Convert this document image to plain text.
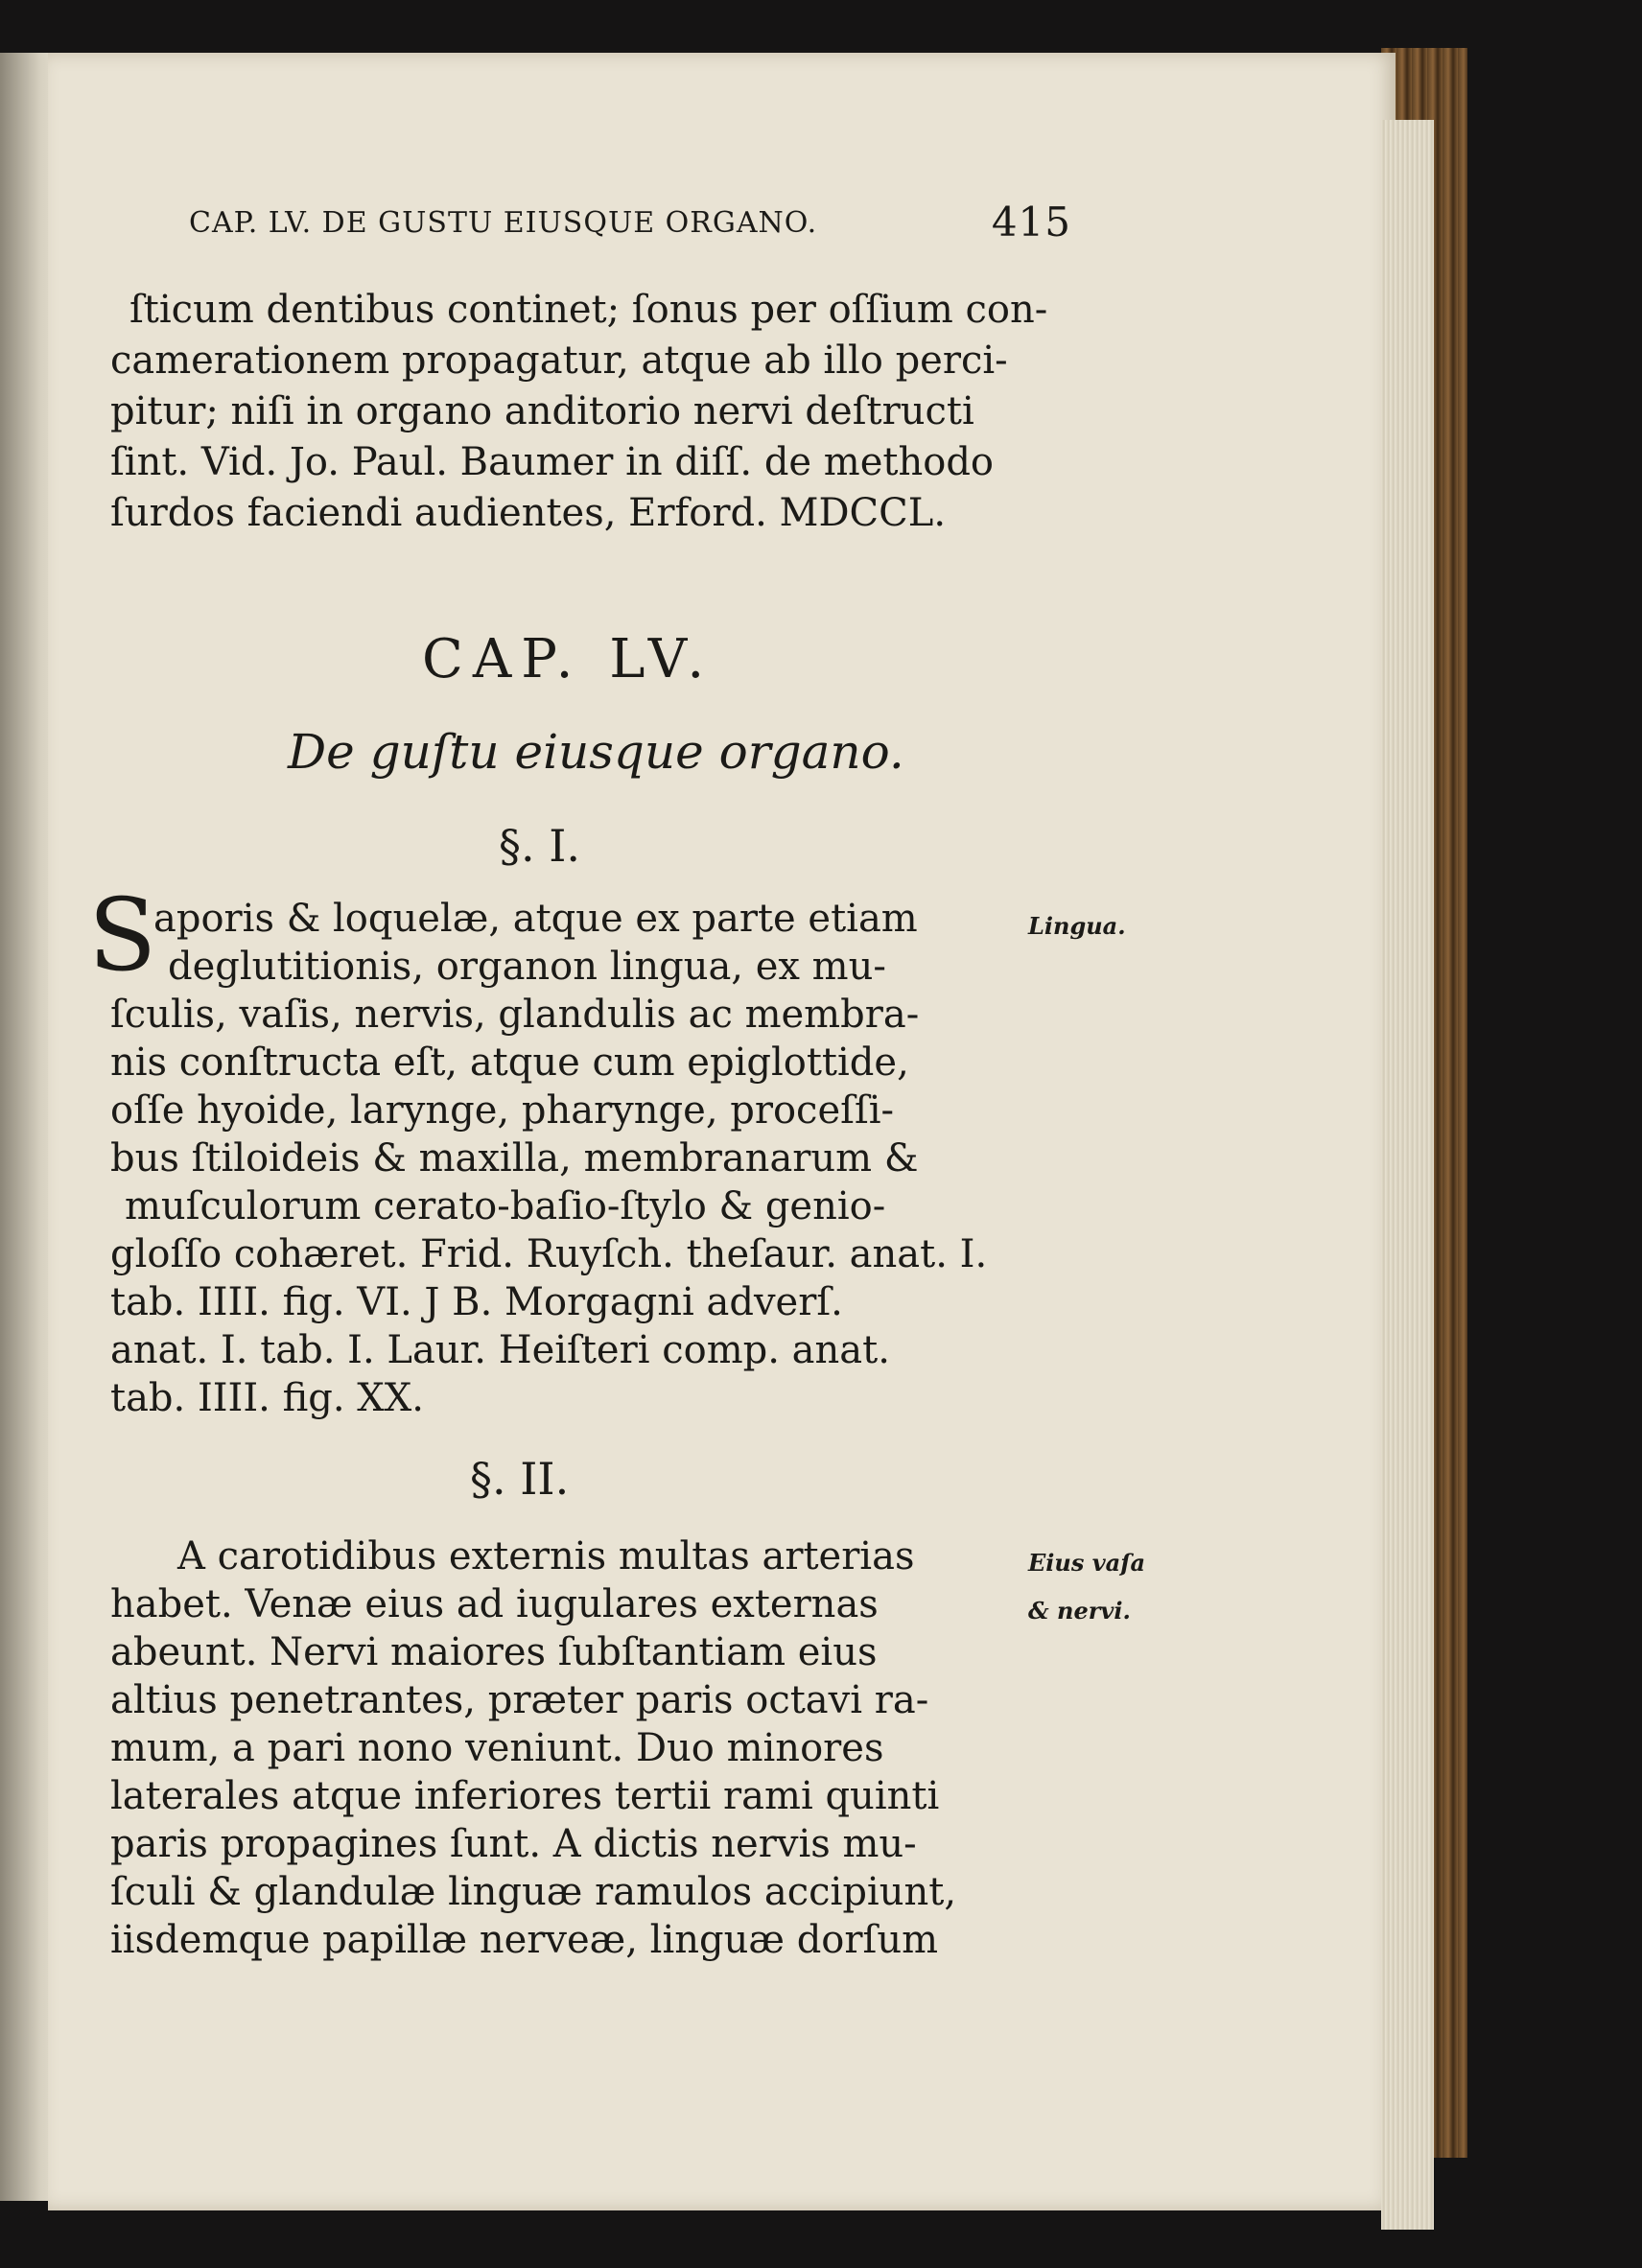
CAP. LV. DE GUSTU EIUSQUE ORGANO.	415
ſticum dentibus continet; ſonus per oſſium con-
camerationem propagatur, atque ab illo perci-
pitur; niſi in organo anditorio nervi deſtructi
ſint. Vid. Jo. Paul. Baumer in diſſ. de methodo
ſurdos faciendi audientes, Erford. MDCCL.
CAP. LV.
De guſtu eiusque organo.
§. I.
S
aporis & loquelæ, atque ex parte etiam	Lingua.
deglutitionis, organon lingua, ex mu-
ſculis, vaſis, nervis, glandulis ac membra-
nis conſtructa eſt, atque cum epiglottide,
oſſe hyoide, larynge, pharynge, proceſſi-
bus ſtiloideis & maxilla, membranarum &
muſculorum cerato-baſio-ſtylo & genio-
gloſſo cohæret. Frid. Ruyſch. theſaur. anat. I.
tab. IIII. fig. VI. J B. Morgagni adverſ.
anat. I. tab. I. Laur. Heiſteri comp. anat.
tab. IIII. fig. XX.
§. II.
A carotidibus externis multas arterias	Eius vaſa
habet. Venæ eius ad iugulares externas	& nervi.
abeunt. Nervi maiores ſubſtantiam eius
altius penetrantes, præter paris octavi ra-
mum, a pari nono veniunt. Duo minores
laterales atque inferiores tertii rami quinti
paris propagines ſunt. A dictis nervis mu-
ſculi & glandulæ linguæ ramulos accipiunt,
iisdemque papillæ nerveæ, linguæ dorſum
